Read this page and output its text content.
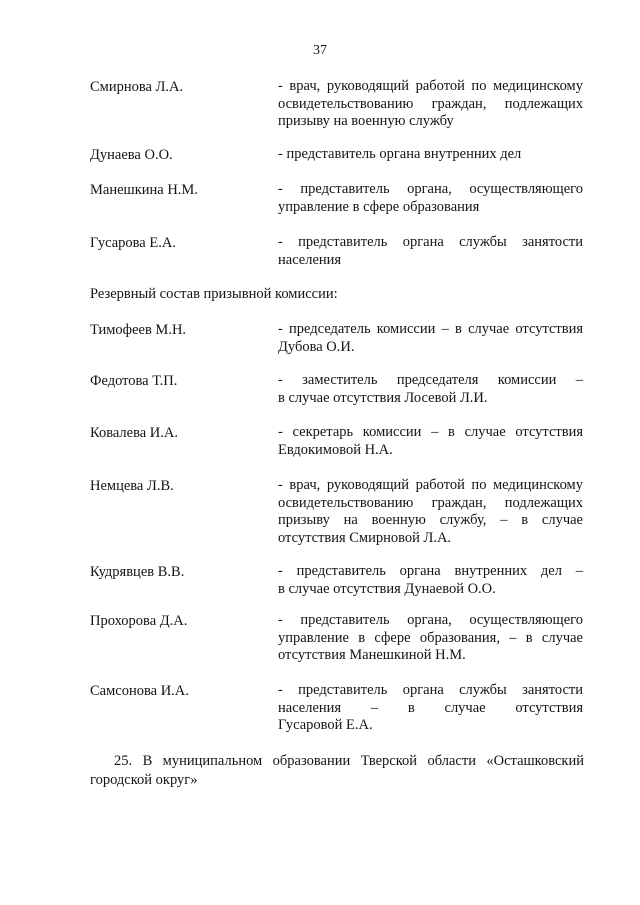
37
Смирнова Л.А.	- врач, руководящий работой по медицинскому
освидетельствованию граждан, подлежащих
призыву на военную службу
Дунаева О.О.	- представитель органа внутренних дел
Манешкина Н.М.	- представитель органа, осуществляющего
управление в сфере образования
Гусарова Е.А.	- представитель органа службы занятости
населения
Резервный состав призывной комиссии:
Тимофеев М.Н.	- председатель комиссии – в случае отсутствия
Дубова О.И.
Федотова Т.П.	- заместитель председателя комиссии –
в случае отсутствия Лосевой Л.И.
Ковалева И.А.	- секретарь комиссии – в случае отсутствия
Евдокимовой Н.А.
Немцева Л.В.	- врач, руководящий работой по медицинскому
освидетельствованию граждан, подлежащих
призыву на военную службу, – в случае
отсутствия Смирновой Л.А.
Кудрявцев В.В.	- представитель органа внутренних дел –
в случае отсутствия Дунаевой О.О.
Прохорова Д.А.	- представитель органа, осуществляющего
управление в сфере образования, – в случае
отсутствия Манешкиной Н.М.
Самсонова И.А.	- представитель органа службы занятости
населения – в случае отсутствия
Гусаровой Е.А.
25. В муниципальном образовании Тверской области «Осташковский
городской округ»
